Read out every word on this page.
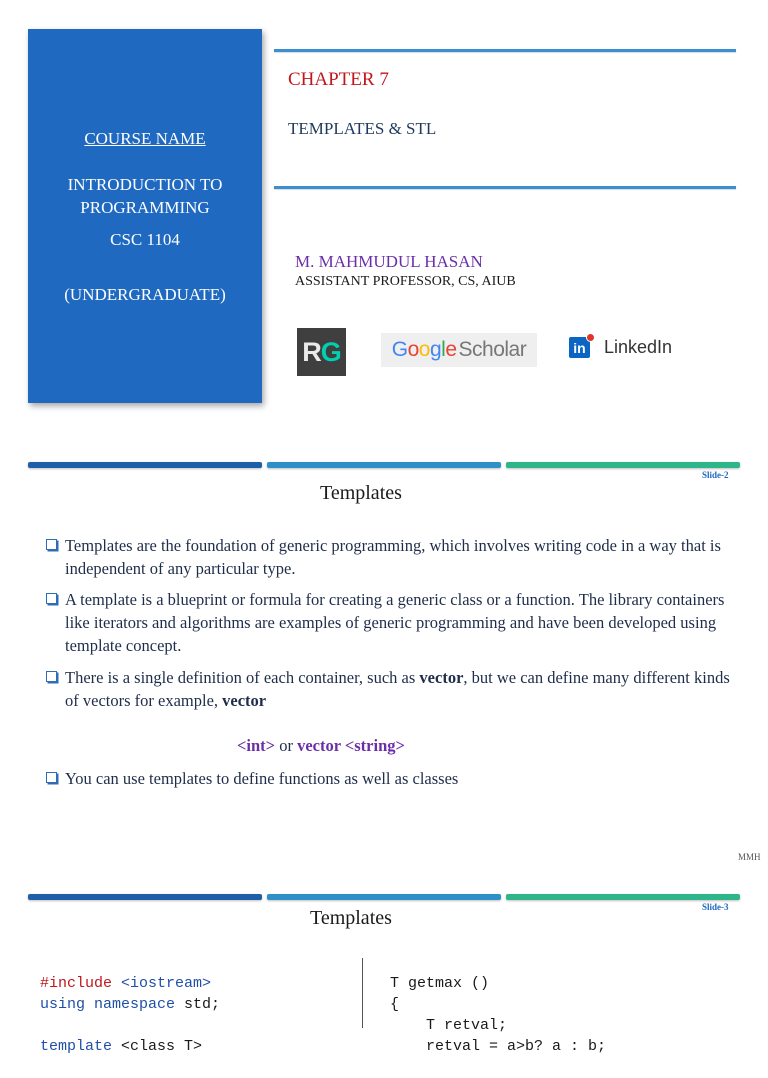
COURSE NAME
INTRODUCTION TO PROGRAMMING
CSC 1104
(UNDERGRADUATE)
CHAPTER 7
TEMPLATES & STL
M. MAHMUDUL HASAN
ASSISTANT PROFESSOR, CS, AIUB
R G Google Scholar	in LinkedIn
Slide-2
Templates
Templates are the foundation of generic programming, which involves writing code in a way that is independent of any particular type.
A template is a blueprint or formula for creating a generic class or a function. The library containers like iterators and algorithms are examples of generic programming and have been developed using template concept.
There is a single definition of each container, such as vector, but we can define many different kinds of vectors for example, vector
<int> or vector <string>
You can use templates to define functions as well as classes
MMH
Slide-3
Templates

#include <iostream>
using namespace std;

template <class T>

T getmax ()
{
T retval;
retval = a>b? a : b;
